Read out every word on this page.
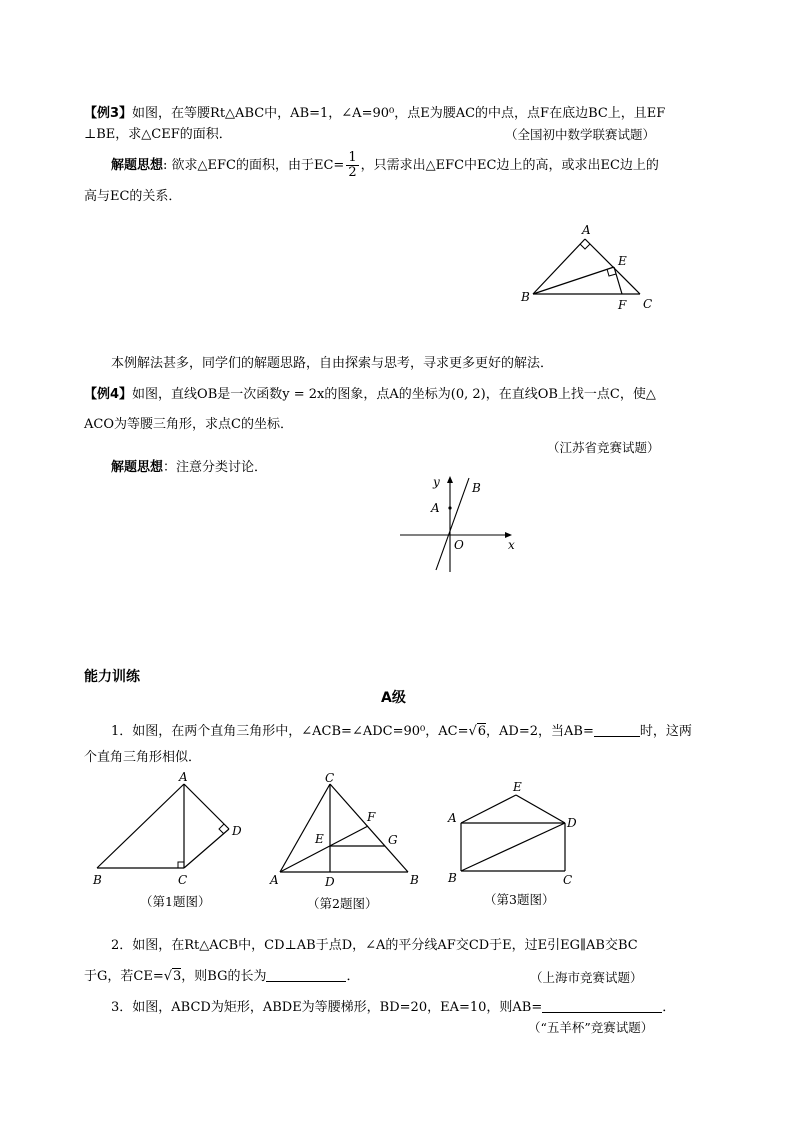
【例3】如图，在等腰Rt△ABC中，AB=1，∠A=90⁰，点E为腰AC的中点，点F在底边BC上，且EF
⊥BE，求△CEF的面积．	（全国初中数学联赛试题）
解题思想: 欲求△EFC的面积，由于$EC= \frac{1}{2}$ ，只需求出△EFC中EC边上的高，或求出EC边上的
高与EC的关系．
A
B	C
E
F
本例解法甚多，同学们的解题思路，自由探索与思考，寻求更多更好的解法．
【例4】如图，直线OB是一次函数y = 2x的图象，点A的坐标为(0, 2)，在直线OB上找一点C，使△
ACO为等腰三角形，求点C的坐标．
（江苏省竞赛试题）
解题思想：注意分类讨论．
y	B
A
O	x
能力训练
A级
1．如图，在两个直角三角形中，∠ACB=∠ADC=90⁰，AC=√6，AD=2，当AB=	时，这两
个直角三角形相似．
A
B	C
D
（第1题图）
C
F
E	G
A	D	B
（第2题图）
E
A	D
B	C
（第3题图）
2．如图，在Rt△ACB中，CD⊥AB于点D，∠A的平分线AF交CD于E，过E引EG∥AB交BC
于G，若CE=√3，则BG的长为	．	（上海市竞赛试题）
3．如图，ABCD为矩形，ABDE为等腰梯形，BD=20，EA=10，则AB=	．
（“五羊杯”竞赛试题）
